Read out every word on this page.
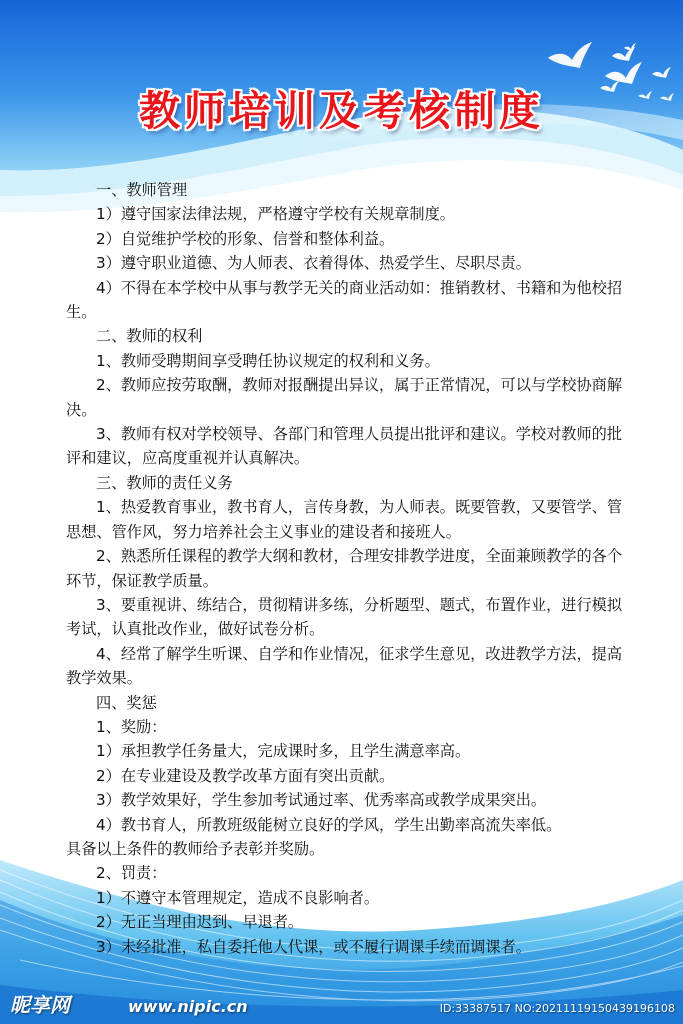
教师培训及考核制度

一、教师管理

1）遵守国家法律法规，严格遵守学校有关规章制度。

2）自觉维护学校的形象、信誉和整体利益。

3）遵守职业道德、为人师表、衣着得体、热爱学生、尽职尽责。

4）不得在本学校中从事与教学无关的商业活动如：推销教材、书籍和为他校招生。

二、教师的权利

1、教师受聘期间享受聘任协议规定的权利和义务。

2、教师应按劳取酬，教师对报酬提出异议，属于正常情况，可以与学校协商解决。

3、教师有权对学校领导、各部门和管理人员提出批评和建议。学校对教师的批评和建议，应高度重视并认真解决。

三、教师的责任义务

1、热爱教育事业，教书育人，言传身教，为人师表。既要管教，又要管学、管思想、管作风，努力培养社会主义事业的建设者和接班人。

2、熟悉所任课程的教学大纲和教材，合理安排教学进度，全面兼顾教学的各个环节，保证教学质量。

3、要重视讲、练结合，贯彻精讲多练，分析题型、题式，布置作业，进行模拟考试，认真批改作业，做好试卷分析。

4、经常了解学生听课、自学和作业情况，征求学生意见，改进教学方法，提高教学效果。

四、奖惩

1、奖励：

1）承担教学任务量大，完成课时多，且学生满意率高。

2）在专业建设及教学改革方面有突出贡献。

3）教学效果好，学生参加考试通过率、优秀率高或教学成果突出。

4）教书育人，所教班级能树立良好的学风，学生出勤率高流失率低。

具备以上条件的教师给予表彰并奖励。

2、罚责：

1）不遵守本管理规定，造成不良影响者。

2）无正当理由迟到、早退者。

3）未经批准，私自委托他人代课，或不履行调课手续而调课者。

昵享网	www.nipic.cn	ID:33387517 NO:20211119150439196108
